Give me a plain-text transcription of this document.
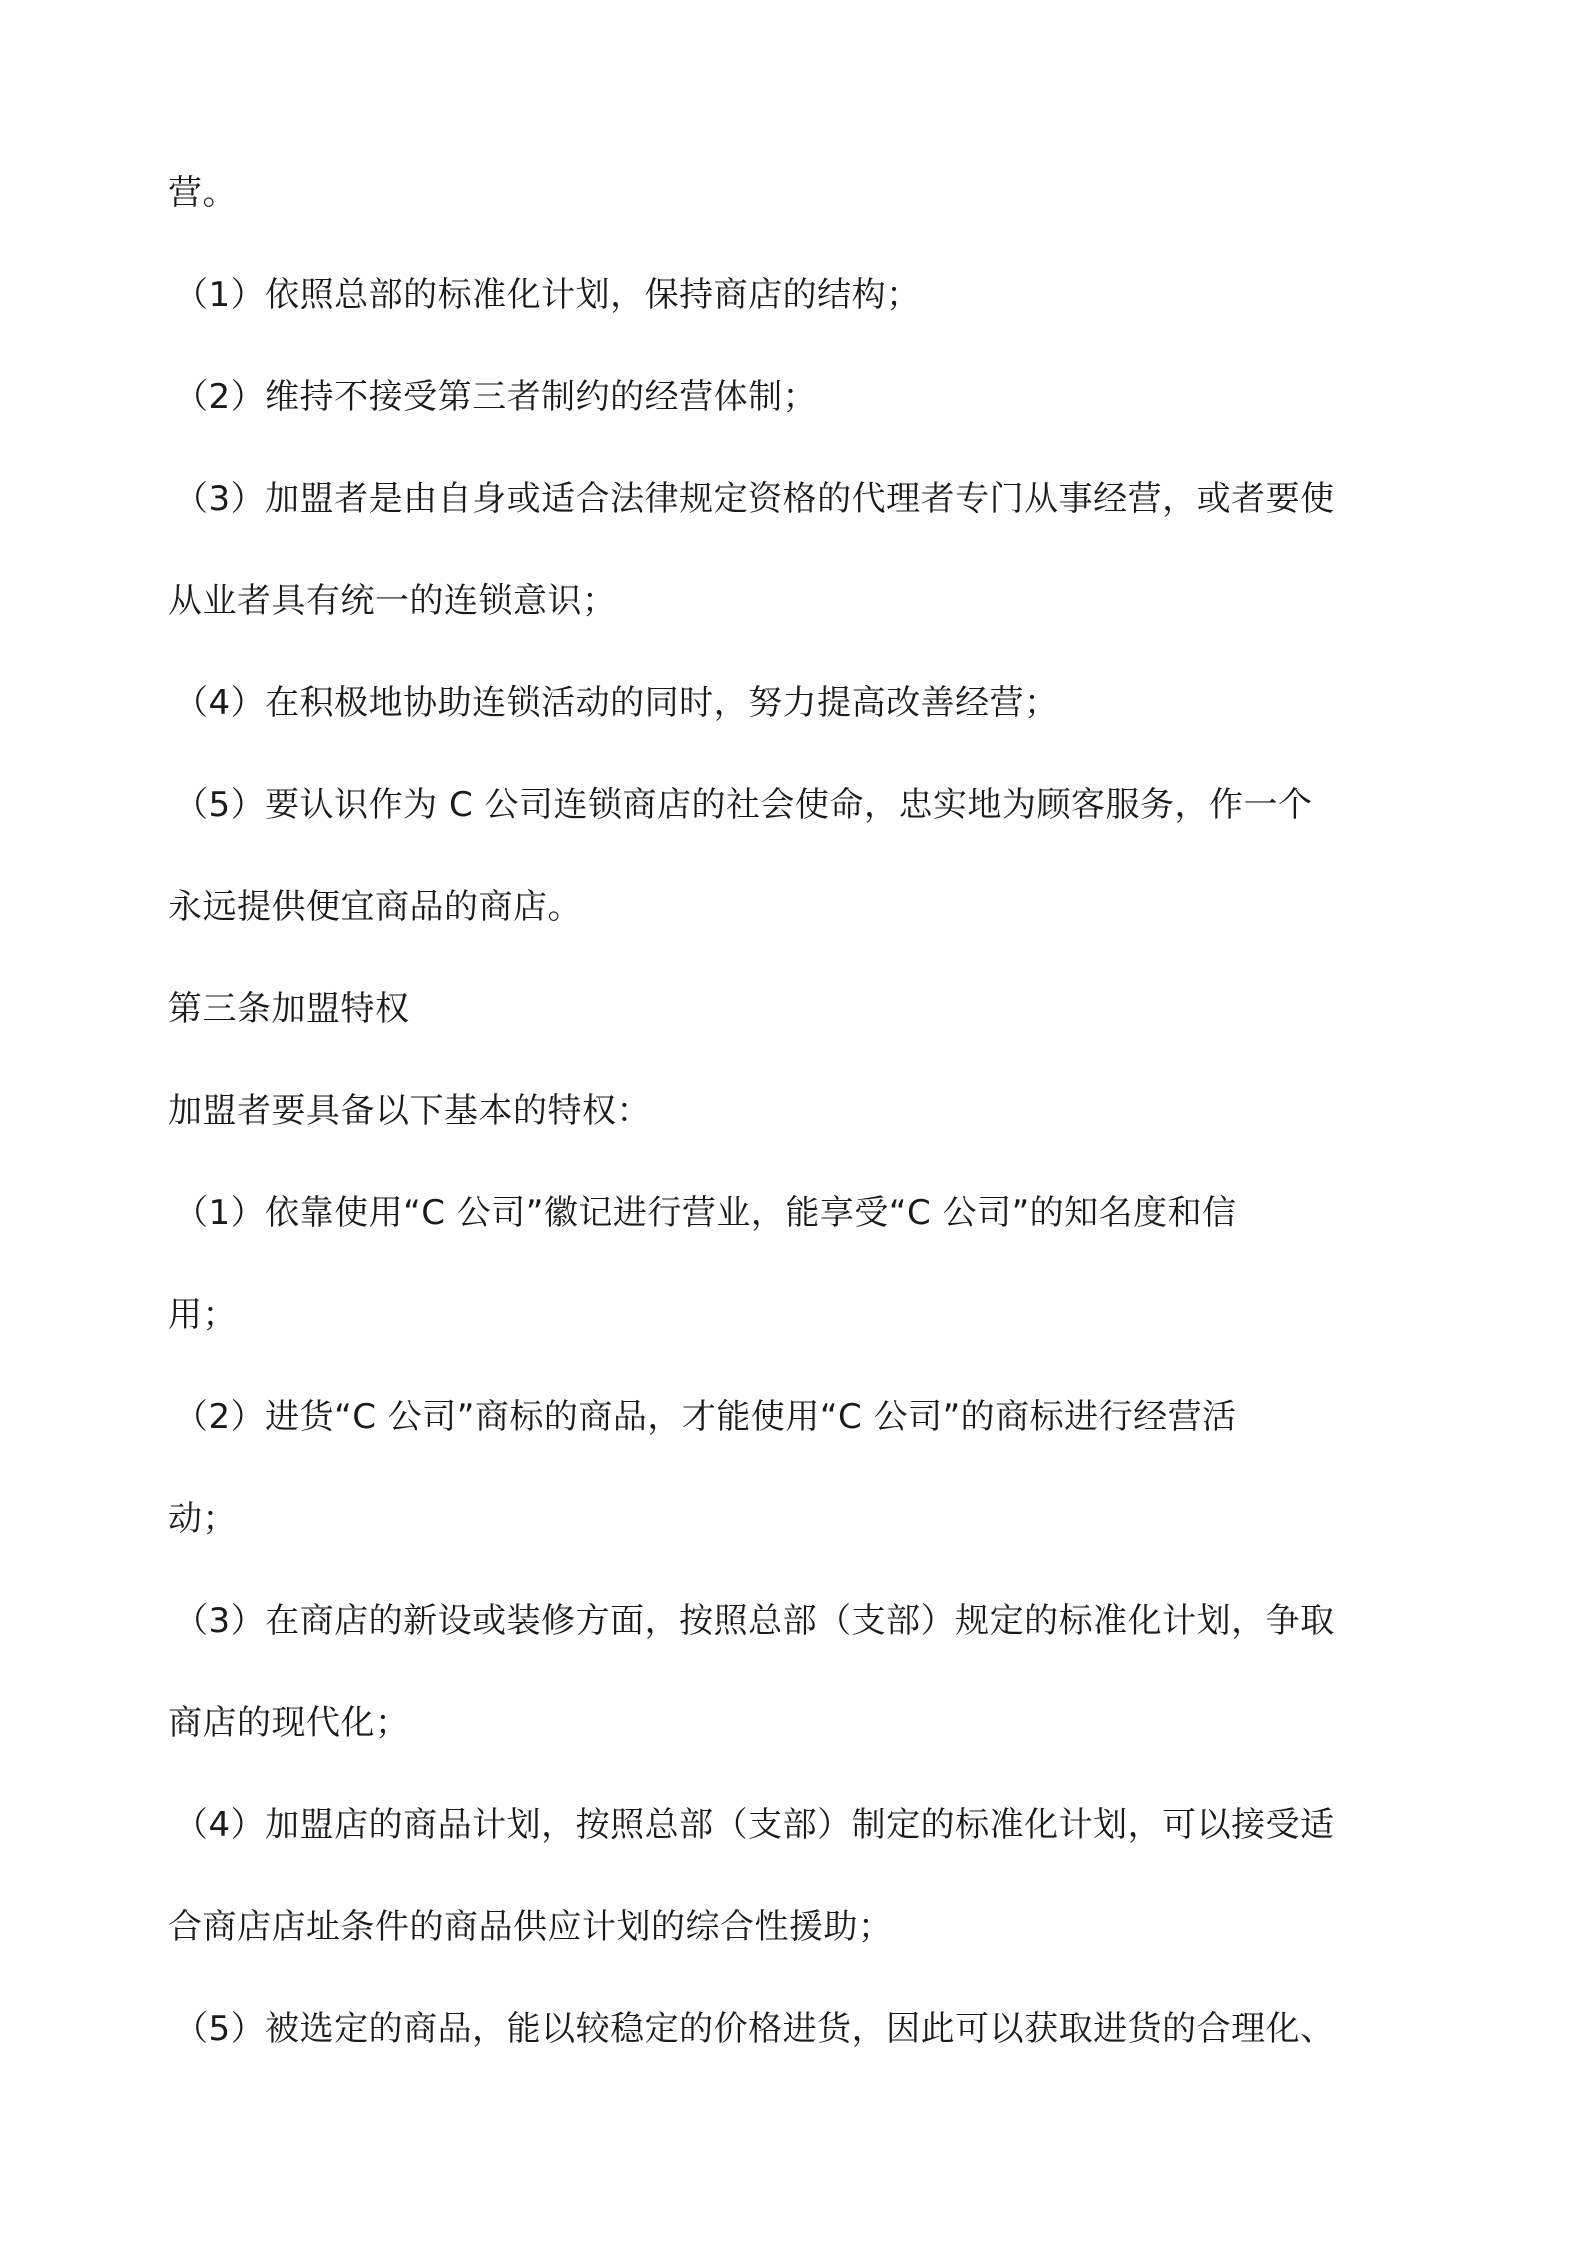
营。
（1）依照总部的标准化计划，保持商店的结构；
（2）维持不接受第三者制约的经营体制；
（3）加盟者是由自身或适合法律规定资格的代理者专门从事经营，或者要使
从业者具有统一的连锁意识；
（4）在积极地协助连锁活动的同时，努力提高改善经营；
（5）要认识作为 C 公司连锁商店的社会使命，忠实地为顾客服务，作一个
永远提供便宜商品的商店。
第三条加盟特权
加盟者要具备以下基本的特权：
（1）依靠使用“C 公司”徽记进行营业，能享受“C 公司”的知名度和信
用；
（2）进货“C 公司”商标的商品，才能使用“C 公司”的商标进行经营活
动；
（3）在商店的新设或装修方面，按照总部（支部）规定的标准化计划，争取
商店的现代化；
（4）加盟店的商品计划，按照总部（支部）制定的标准化计划，可以接受适
合商店店址条件的商品供应计划的综合性援助；
（5）被选定的商品，能以较稳定的价格进货，因此可以获取进货的合理化、
